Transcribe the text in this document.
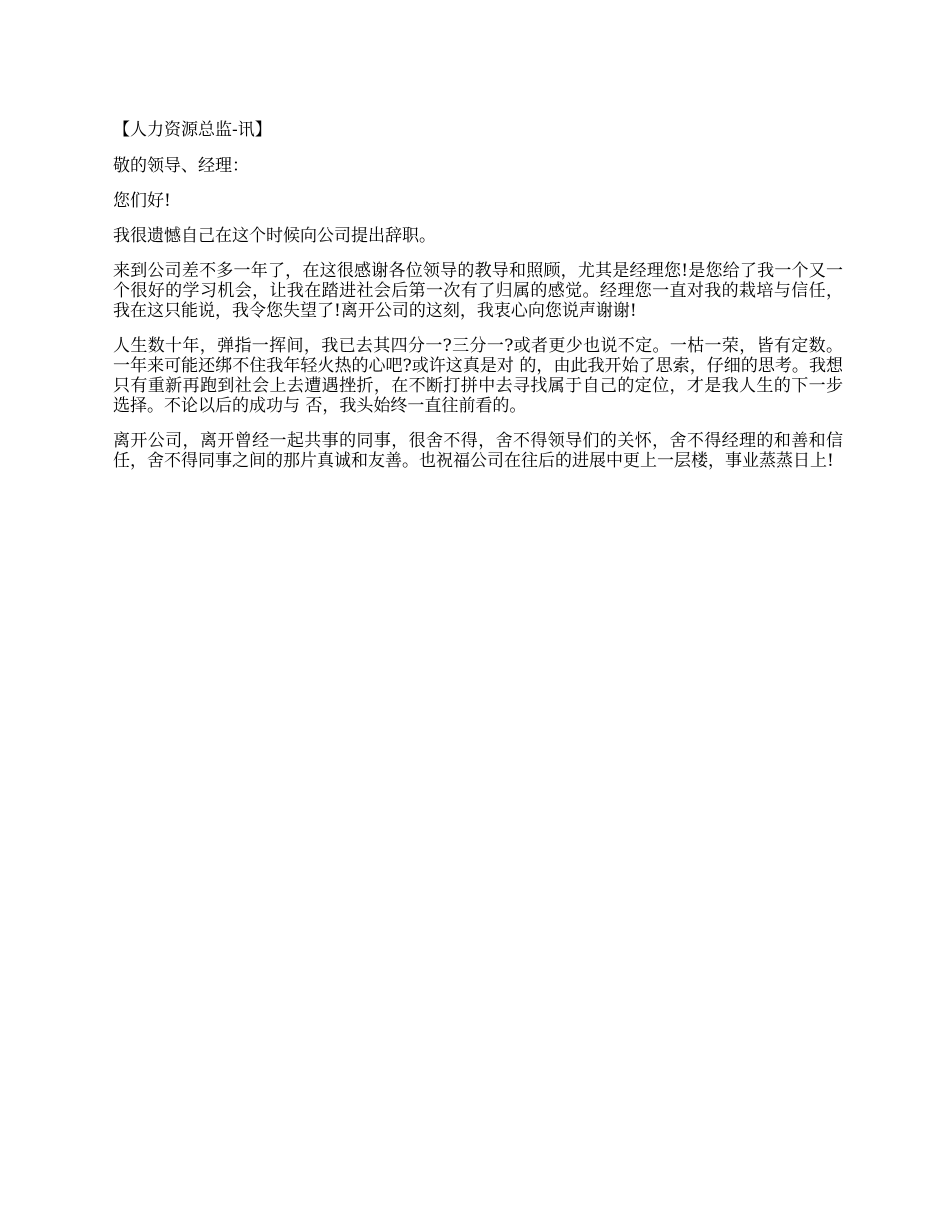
【人力资源总监-讯】

敬的领导、经理：

您们好!

我很遗憾自己在这个时候向公司提出辞职。

来到公司差不多一年了，在这很感谢各位领导的教导和照顾，尤其是经理您!是您给了我一个又一个很好的学习机会，让我在踏进社会后第一次有了归属的感觉。经理您一直对我的栽培与信任，我在这只能说，我令您失望了!离开公司的这刻，我衷心向您说声谢谢!

人生数十年，弹指一挥间，我已去其四分一?三分一?或者更少也说不定。一枯一荣，皆有定数。一年来可能还绑不住我年轻火热的心吧?或许这真是对 的，由此我开始了思索，仔细的思考。我想只有重新再跑到社会上去遭遇挫折，在不断打拼中去寻找属于自己的定位，才是我人生的下一步选择。不论以后的成功与 否，我头始终一直往前看的。

离开公司，离开曾经一起共事的同事，很舍不得，舍不得领导们的关怀，舍不得经理的和善和信任，舍不得同事之间的那片真诚和友善。也祝福公司在往后的进展中更上一层楼，事业蒸蒸日上!
